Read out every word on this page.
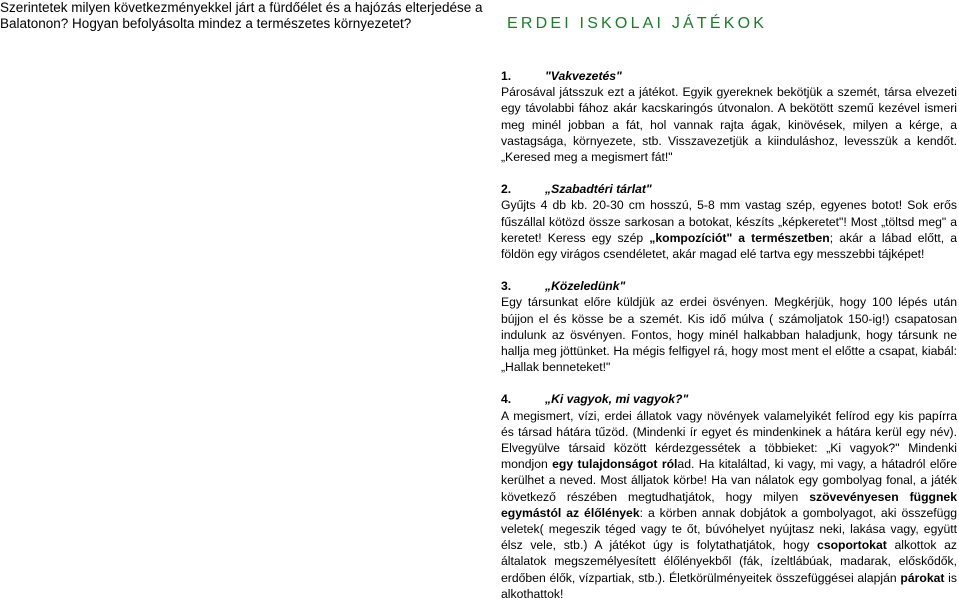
Szerintetek milyen következményekkel járt a fürdőélet és a hajózás elterjedése a
Balatonon? Hogyan befolyásolta mindez a természetes környezetet?	ERDEI ISKOLAI JÁTÉKOK
1.	"Vakvezetés"
Párosával játsszuk ezt a játékot. Egyik gyereknek bekötjük a szemét, társa elvezeti egy távolabbi fához akár kacskaringós útvonalon. A bekötött szemű kezével ismeri meg minél jobban a fát, hol vannak rajta ágak, kinövések, milyen a kérge, a vastagsága, környezete, stb. Visszavezetjük a kiinduláshoz, levesszük a kendőt. „Keresed meg a megismert fát!"
2.	„Szabadtéri tárlat"
Gyűjts 4 db kb. 20-30 cm hosszú, 5-8 mm vastag szép, egyenes botot! Sok erős fűszállal kötözd össze sarkosan a botokat, készíts „képkeretet"! Most „töltsd meg" a keretet! Keress egy szép „kompozíciót" a természetben; akár a lábad előtt, a földön egy virágos csendéletet, akár magad elé tartva egy messzebbi tájképet!
3.	„Közeledünk"
Egy társunkat előre küldjük az erdei ösvényen. Megkérjük, hogy 100 lépés után bújjon el és kösse be a szemét. Kis idő múlva ( számoljatok 150-ig!) csapatosan indulunk az ösvényen. Fontos, hogy minél halkabban haladjunk, hogy társunk ne hallja meg jöttünket. Ha mégis felfigyel rá, hogy most ment el előtte a csapat, kiabál: „Hallak benneteket!"
4.	„Ki vagyok, mi vagyok?"
A megismert, vízi, erdei állatok vagy növények valamelyikét felírod egy kis papírra és társad hátára tűzöd. (Mindenki ír egyet és mindenkinek a hátára kerül egy név). Elvegyülve társaid között kérdezgessétek a többieket: „Ki vagyok?" Mindenki mondjon egy tulajdonságot rólad. Ha kitaláltad, ki vagy, mi vagy, a hátadról előre kerülhet a neved. Most álljatok körbe! Ha van nálatok egy gombolyag fonal, a játék következő részében megtudhatjátok, hogy milyen szövevényesen függnek egymástól az élőlények: a körben annak dobjátok a gombolyagot, aki összefügg veletek( megeszik téged vagy te őt, búvóhelyet nyújtasz neki, lakása vagy, együtt élsz vele, stb.) A játékot úgy is folytathatjátok, hogy csoportokat alkottok az általatok megszemélyesített élőlényekből (fák, ízeltlábúak, madarak, előskődők, erdőben élők, vízpartiak, stb.). Életkörülményeitek összefüggései alapján párokat is alkothattok!
